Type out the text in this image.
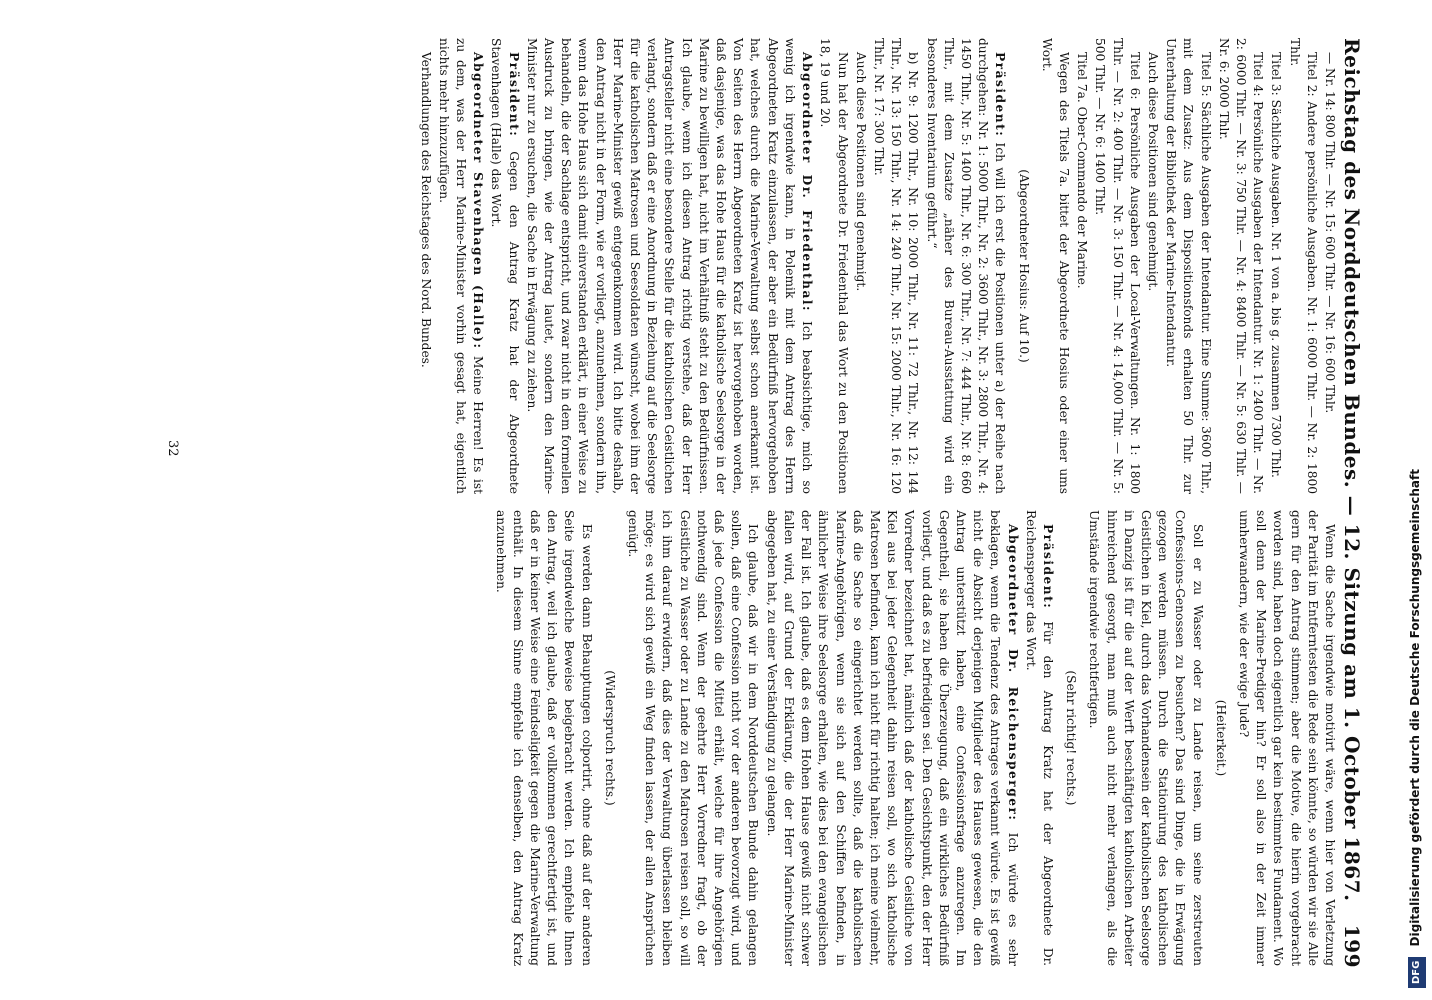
Reichstag des Norddeutschen Bundes. — 12. Sitzung am 1. October 1867.
199

— Nr. 14: 800 Thlr. — Nr. 15: 600 Thlr. — Nr. 16: 600 Thlr.

Titel 2: Andere persönliche Ausgaben. Nr. 1: 6000 Thlr. — Nr. 2: 1800 Thlr.

Titel 3: Sächliche Ausgaben. Nr. 1 von a. bis g. zusammen 7300 Thlr.

Titel 4: Persönliche Ausgaben der Intendantur. Nr. 1: 2400 Thlr. — Nr. 2: 6000 Thlr. — Nr. 3: 750 Thlr. — Nr. 4: 8400 Thlr. — Nr. 5: 630 Thlr. — Nr. 6: 2000 Thlr.

Titel 5: Sächliche Ausgaben der Intendantur. Eine Summe: 3600 Thlr., mit dem Zusatz: Aus dem Dispositionsfonds erhalten 50 Thlr. zur Unterhaltung der Bibliothek der Marine-Intendantur.

Auch diese Positionen sind genehmigt.

Titel 6: Persönliche Ausgaben der Local-Verwaltungen. Nr. 1: 1800 Thlr. — Nr. 2: 400 Thlr. — Nr. 3: 150 Thlr. — Nr. 4: 14,000 Thlr. — Nr. 5: 500 Thlr. — Nr. 6: 1400 Thlr.

Titel 7a. Ober-Commando der Marine.

Wegen des Titels 7a. bittet der Abgeordnete Hosius oder einer ums Wort.

(Abgeordneter Hosius: Auf 10.)

Präsident: Ich will ich erst die Positionen unter a) der Reihe nach durchgehen: Nr. 1: 5000 Thlr., Nr. 2: 3600 Thlr., Nr. 3: 2800 Thlr., Nr. 4: 1450 Thlr., Nr. 5: 1400 Thlr., Nr. 6: 300 Thlr., Nr. 7: 444 Thlr., Nr. 8: 660 Thlr., mit dem Zusatze „näher des Bureau-Ausstattung wird ein besonderes Inventarium geführt.“

b) Nr. 9: 1200 Thlr., Nr. 10: 2000 Thlr., Nr. 11: 72 Thlr., Nr. 12: 144 Thlr., Nr. 13: 150 Thlr., Nr. 14: 240 Thlr., Nr. 15: 2000 Thlr., Nr. 16: 120 Thlr., Nr. 17: 300 Thlr.

Auch diese Positionen sind genehmigt.

Nun hat der Abgeordnete Dr. Friedenthal das Wort zu den Positionen 18, 19 und 20.

Abgeordneter Dr. Friedenthal: Ich beabsichtige, mich so wenig ich irgendwie kann, in Polemik mit dem Antrag des Herrn Abgeordneten Kratz einzulassen, der aber ein Bedürfniß hervorgehoben hat, welches durch die Marine-Verwaltung selbst schon anerkannt ist. Von Seiten des Herrn Abgeordneten Kratz ist hervorgehoben worden, daß dasjenige, was das Hohe Haus für die katholische Seelsorge in der Marine zu bewilligen hat, nicht im Verhältniß steht zu den Bedürfnissen. Ich glaube, wenn ich diesen Antrag richtig verstehe, daß der Herr Antragsteller nicht eine besondere Stelle für die katholischen Geistlichen verlangt, sondern daß er eine Anordnung in Beziehung auf die Seelsorge für die katholischen Matrosen und Seesoldaten wünscht, wobei ihm der Herr Marine-Minister gewiß entgegenkommen wird. Ich bitte deshalb, den Antrag nicht in der Form, wie er vorliegt, anzunehmen, sondern ihn, wenn das Hohe Haus sich damit einverstanden erklärt, in einer Weise zu behandeln, die der Sachlage entspricht, und zwar nicht in dem formellen Ausdruck zu bringen, wie der Antrag lautet, sondern den Marine-Minister nur zu ersuchen, die Sache in Erwägung zu ziehen.

Präsident: Gegen den Antrag Kratz hat der Abgeordnete Stavenhagen (Halle) das Wort.

Abgeordneter Stavenhagen (Halle): Meine Herren! Es ist zu dem, was der Herr Marine-Minister vorhin gesagt hat, eigentlich nichts mehr hinzuzufügen.

Verhandlungen des Reichstages des Nord. Bundes.

Wenn die Sache irgendwie motivirt wäre, wenn hier von Verletzung der Parität im Entferntesten die Rede sein könnte, so würden wir sie Alle gern für den Antrag stimmen; aber die Motive, die hierin vorgebracht worden sind, haben doch eigentlich gar kein bestimmtes Fundament. Wo soll denn der Marine-Prediger hin? Er soll also in der Zeit immer umherwandern, wie der ewige Jude?

(Heiterkeit.)

Soll er zu Wasser oder zu Lande reisen, um seine zerstreuten Confessions-Genossen zu besuchen? Das sind Dinge, die in Erwägung gezogen werden müssen. Durch die Stationirung des katholischen Geistlichen in Kiel, durch das Vorhandensein der katholischen Seelsorge in Danzig ist für die auf der Werft beschäftigten katholischen Arbeiter hinreichend gesorgt, man muß auch nicht mehr verlangen, als die Umstände irgendwie rechtfertigen.

(Sehr richtig! rechts.)

Präsident: Für den Antrag Kratz hat der Abgeordnete Dr. Reichensperger das Wort.

Abgeordneter Dr. Reichensperger: Ich würde es sehr beklagen, wenn die Tendenz des Antrages verkannt würde. Es ist gewiß nicht die Absicht derjenigen Mitglieder des Hauses gewesen, die den Antrag unterstützt haben, eine Confessionsfrage anzuregen. Im Gegentheil, sie haben die Überzeugung, daß ein wirkliches Bedürfniß vorliegt, und daß es zu befriedigen sei. Den Gesichtspunkt, den der Herr Vorredner bezeichnet hat, nämlich daß der katholische Geistliche von Kiel aus bei jeder Gelegenheit dahin reisen soll, wo sich katholische Matrosen befinden, kann ich nicht für richtig halten; ich meine vielmehr, daß die Sache so eingerichtet werden sollte, daß die katholischen Marine-Angehörigen, wenn sie sich auf den Schiffen befinden, in ähnlicher Weise ihre Seelsorge erhalten, wie dies bei den evangelischen der Fall ist. Ich glaube, daß es dem Hohen Hause gewiß nicht schwer fallen wird, auf Grund der Erklärung, die der Herr Marine-Minister abgegeben hat, zu einer Verständigung zu gelangen.

Ich glaube, daß wir in dem Norddeutschen Bunde dahin gelangen sollen, daß eine Confession nicht vor der anderen bevorzugt wird, und daß jede Confession die Mittel erhält, welche für ihre Angehörigen nothwendig sind. Wenn der geehrte Herr Vorredner fragt, ob der Geistliche zu Wasser oder zu Lande zu den Matrosen reisen soll, so will ich ihm darauf erwidern, daß dies der Verwaltung überlassen bleiben möge; es wird sich gewiß ein Weg finden lassen, der allen Ansprüchen genügt.

(Widerspruch rechts.)

Es werden dann Behauptungen colportirt, ohne daß auf der anderen Seite irgendwelche Beweise beigebracht werden. Ich empfehle Ihnen den Antrag, weil ich glaube, daß er vollkommen gerechtfertigt ist, und daß er in keiner Weise eine Feindseligkeit gegen die Marine-Verwaltung enthält. In diesem Sinne empfehle ich denselben, den Antrag Kratz anzunehmen.

32
DFG Digitalisierung gefördert durch die Deutsche Forschungsgemeinschaft
